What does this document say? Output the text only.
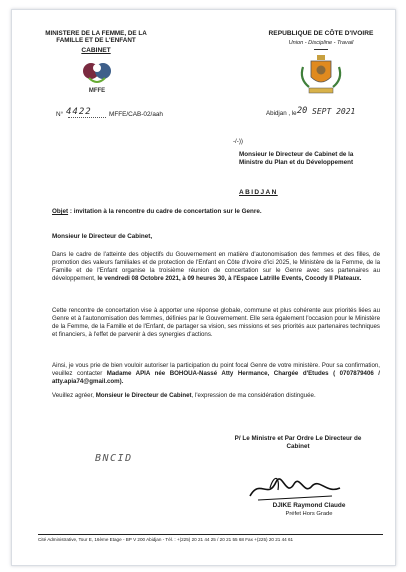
MINISTERE DE LA FEMME, DE LA FAMILLE ET DE L'ENFANT
CABINET
MFFE
REPUBLIQUE DE CÔTE D'IVOIRE
Union - Discipline - Travail
N° 4422	MFFE/CAB-02/aah	Abidjan , le 20 SEPT 2021
-/-))
Monsieur le Directeur de Cabinet de la Ministre du Plan et du Développement
ABIDJAN
Objet : invitation à la rencontre du cadre de concertation sur le Genre.
Monsieur le Directeur de Cabinet,
Dans le cadre de l'atteinte des objectifs du Gouvernement en matière d'autonomisation des femmes et des filles, de promotion des valeurs familiales et de protection de l'Enfant en Côte d'Ivoire d'ici 2025, le Ministère de la Femme, de la Famille et de l'Enfant organise la troisième réunion de concertation sur le Genre avec ses partenaires au développement, le vendredi 08 Octobre 2021, à 09 heures 30, à l'Espace Latrille Events, Cocody II Plateaux.
Cette rencontre de concertation vise à apporter une réponse globale, commune et plus cohérente aux priorités liées au Genre et à l'autonomisation des femmes, définies par le Gouvernement. Elle sera également l'occasion pour le Ministère de la Femme, de la Famille et de l'Enfant, de partager sa vision, ses missions et ses priorités aux partenaires techniques et financiers, à l'effet de parvenir à des synergies d'actions.
Ainsi, je vous prie de bien vouloir autoriser la participation du point focal Genre de votre ministère. Pour sa confirmation, veuillez contacter Madame APIA née BOHOUA-Nassé Atty Hermance, Chargée d'Etudes ( 0707879406 / atty.apia74@gmail.com).
Veuillez agréer, Monsieur le Directeur de Cabinet, l'expression de ma considération distinguée.
BNCID
P/ Le Ministre et Par Ordre Le Directeur de Cabinet
DJIKE Raymond Claude
Préfet Hors Grade
Cité Administrative, Tour E, 16ème Etage - BP V 200 Abidjan - Tél. : +(225) 20 21 44 25 / 20 21 55 68 Fax +(225) 20 21 44 61
